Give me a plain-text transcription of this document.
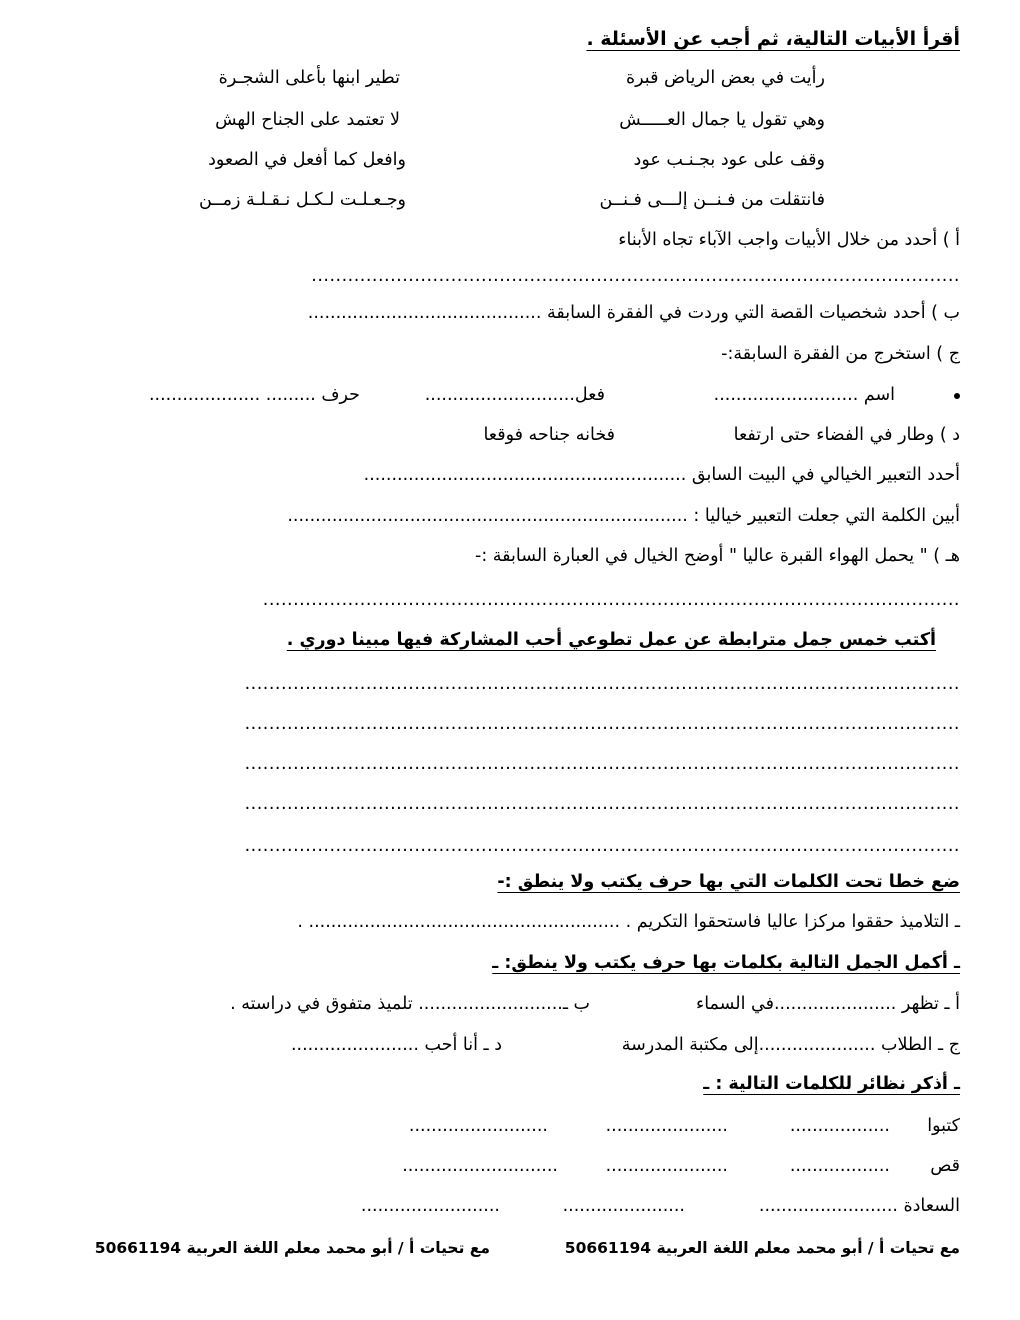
أقرأ الأبيات التالية، ثم أجب عن الأسئلة .
رأيت في بعض الرياض قبرة
تطير ابنها بأعلى الشجـرة
وهي تقول يا جمال العـــــش
لا تعتمد على الجناح الهش
وقف على عود بجـنـب عود
وافعل كما أفعل في الصعود
فانتقلت من فـنــن إلـــى فـنــن
وجـعـلـت لـكـل نـقـلـة زمــن
أ ) أحدد من خلال الأبيات واجب الآباء تجاه الأبناء
...........................................................................................................
ب ) أحدد شخصيات القصة التي وردت في الفقرة السابقة ..........................................
ج ) استخرج من الفقرة السابقة:-
اسم ..........................
فعل...........................
حرف ......... ....................
د ) وطار في الفضاء حتى ارتفعا
فخانه جناحه فوقعا
أحدد التعبير الخيالي في البيت السابق ..........................................................
أبين الكلمة التي جعلت التعبير خياليا : ........................................................................
هـ ) " يحمل الهواء القبرة عاليا " أوضح الخيال في العبارة السابقة :-
...................................................................................................................
أكتب خمس جمل مترابطة عن عمل تطوعي أحب المشاركة فيها مبينا دوري .
......................................................................................................................
......................................................................................................................
......................................................................................................................
......................................................................................................................
......................................................................................................................
ضع خطا تحت الكلمات التي بها حرف يكتب ولا ينطق :-
ـ التلاميذ حققوا مركزا عاليا فاستحقوا التكريم . ........................................................ .
ـ أكمل الجمل التالية بكلمات بها حرف يكتب ولا ينطق: ـ
أ ـ تظهر ......................في السماء
ب ـ.......................... تلميذ متفوق في دراسته .
ج ـ الطلاب .....................إلى مكتبة المدرسة
د ـ أنا أحب .......................
ـ أذكر نظائر للكلمات التالية : ـ
كتبوا
..................
......................
.........................
قص
..................
......................
............................
السعادة
.........................
......................
.........................
مع تحيات أ / أبو محمد معلم اللغة العربية 50661194
مع تحيات أ / أبو محمد معلم اللغة العربية 50661194
